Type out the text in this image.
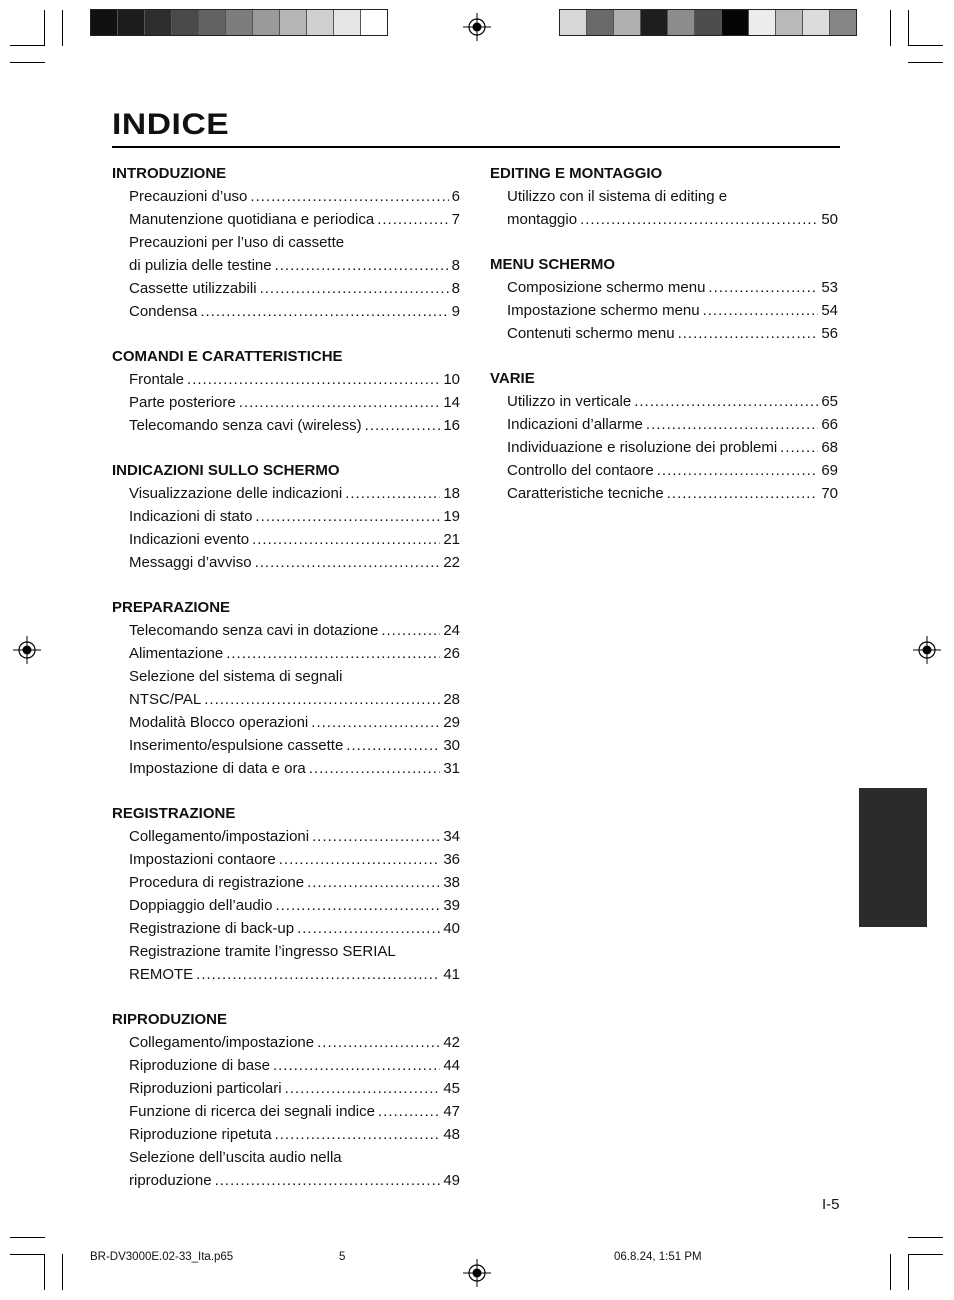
INDICE
INTRODUZIONE
Precauzioni d’uso .....	6
Manutenzione quotidiana e periodica .....	7
Precauzioni per l’uso di cassette
di pulizia delle testine .....	8
Cassette utilizzabili .....	8
Condensa .....	9
COMANDI E CARATTERISTICHE
Frontale .....	10
Parte posteriore .....	14
Telecomando senza cavi (wireless) .....	16
INDICAZIONI SULLO SCHERMO
Visualizzazione delle indicazioni .....	18
Indicazioni di stato .....	19
Indicazioni evento .....	21
Messaggi d’avviso .....	22
PREPARAZIONE
Telecomando senza cavi in dotazione .....	24
Alimentazione .....	26
Selezione del sistema di segnali
NTSC/PAL .....	28
Modalità Blocco operazioni .....	29
Inserimento/espulsione cassette .....	30
Impostazione di data e ora .....	31
REGISTRAZIONE
Collegamento/impostazioni .....	34
Impostazioni contaore .....	36
Procedura di registrazione .....	38
Doppiaggio dell’audio .....	39
Registrazione di back-up .....	40
Registrazione tramite l’ingresso SERIAL
REMOTE .....	41
RIPRODUZIONE
Collegamento/impostazione .....	42
Riproduzione di base .....	44
Riproduzioni particolari .....	45
Funzione di ricerca dei segnali indice .....	47
Riproduzione ripetuta .....	48
Selezione dell’uscita audio nella
riproduzione .....	49
EDITING E MONTAGGIO
Utilizzo con il sistema di editing e
montaggio .....	50
MENU SCHERMO
Composizione schermo menu .....	53
Impostazione schermo menu .....	54
Contenuti schermo menu .....	56
VARIE
Utilizzo in verticale .....	65
Indicazioni d’allarme .....	66
Individuazione e risoluzione dei problemi .....	68
Controllo del contaore .....	69
Caratteristiche tecniche .....	70
I-5
BR-DV3000E.02-33_Ita.p65	5	06.8.24, 1:51 PM
